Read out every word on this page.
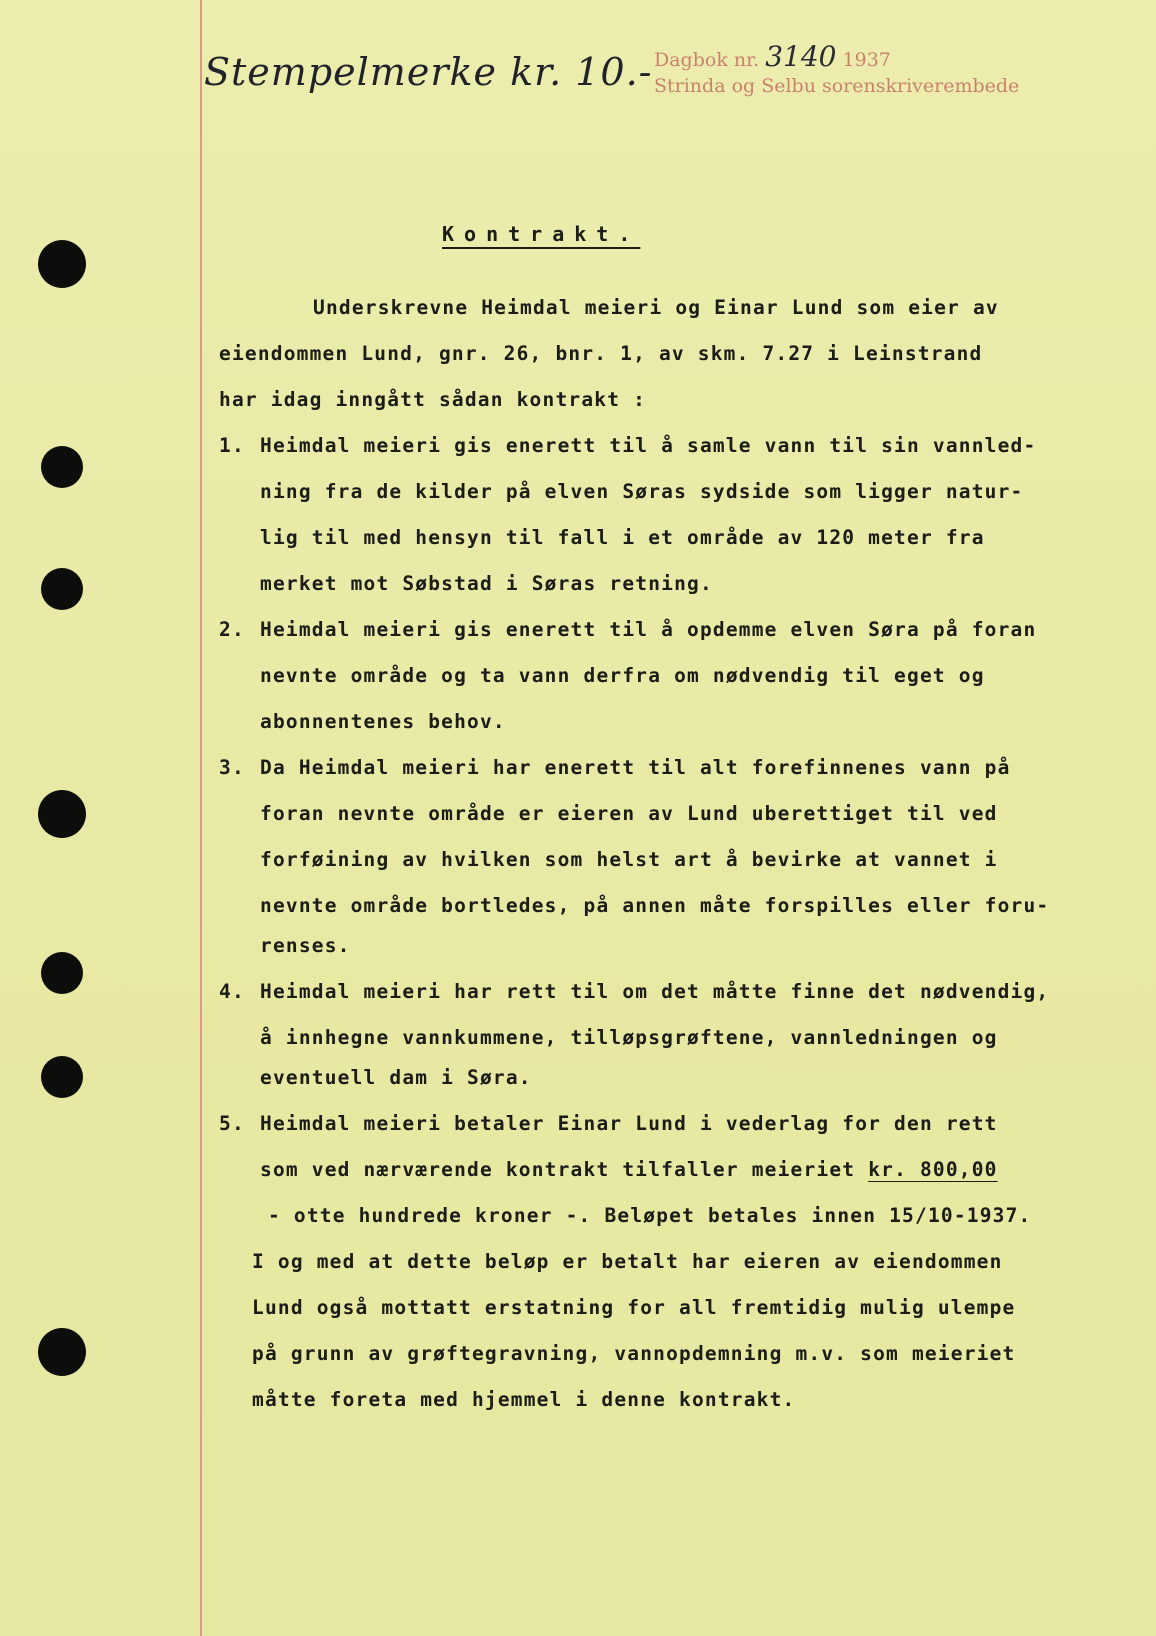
Stempelmerke kr. 10.- Dagbok nr. 3140 1937
Strinda og Selbu sorenskriverembede
Kontrakt.
Underskrevne Heimdal meieri og Einar Lund som eier av
eiendommen Lund, gnr. 26, bnr. 1, av skm. 7.27 i Leinstrand
har idag inngått sådan kontrakt :
1. Heimdal meieri gis enerett til å samle vann til sin vannled-
ning fra de kilder på elven Søras sydside som ligger natur-
lig til med hensyn til fall i et område av 120 meter fra
merket mot Søbstad i Søras retning.
2. Heimdal meieri gis enerett til å opdemme elven Søra på foran
nevnte område og ta vann derfra om nødvendig til eget og
abonnentenes behov.
3. Da Heimdal meieri har enerett til alt forefinnenes vann på
foran nevnte område er eieren av Lund uberettiget til ved
forføining av hvilken som helst art å bevirke at vannet i
nevnte område bortledes, på annen måte forspilles eller foru-
renses.
4. Heimdal meieri har rett til om det måtte finne det nødvendig,
å innhegne vannkummene, tilløpsgrøftene, vannledningen og
eventuell dam i Søra.
5. Heimdal meieri betaler Einar Lund i vederlag for den rett
som ved nærværende kontrakt tilfaller meieriet kr. 800,00
- otte hundrede kroner -. Beløpet betales innen 15/10-1937.
I og med at dette beløp er betalt har eieren av eiendommen
Lund også mottatt erstatning for all fremtidig mulig ulempe
på grunn av grøftegravning, vannopdemning m.v. som meieriet
måtte foreta med hjemmel i denne kontrakt.
